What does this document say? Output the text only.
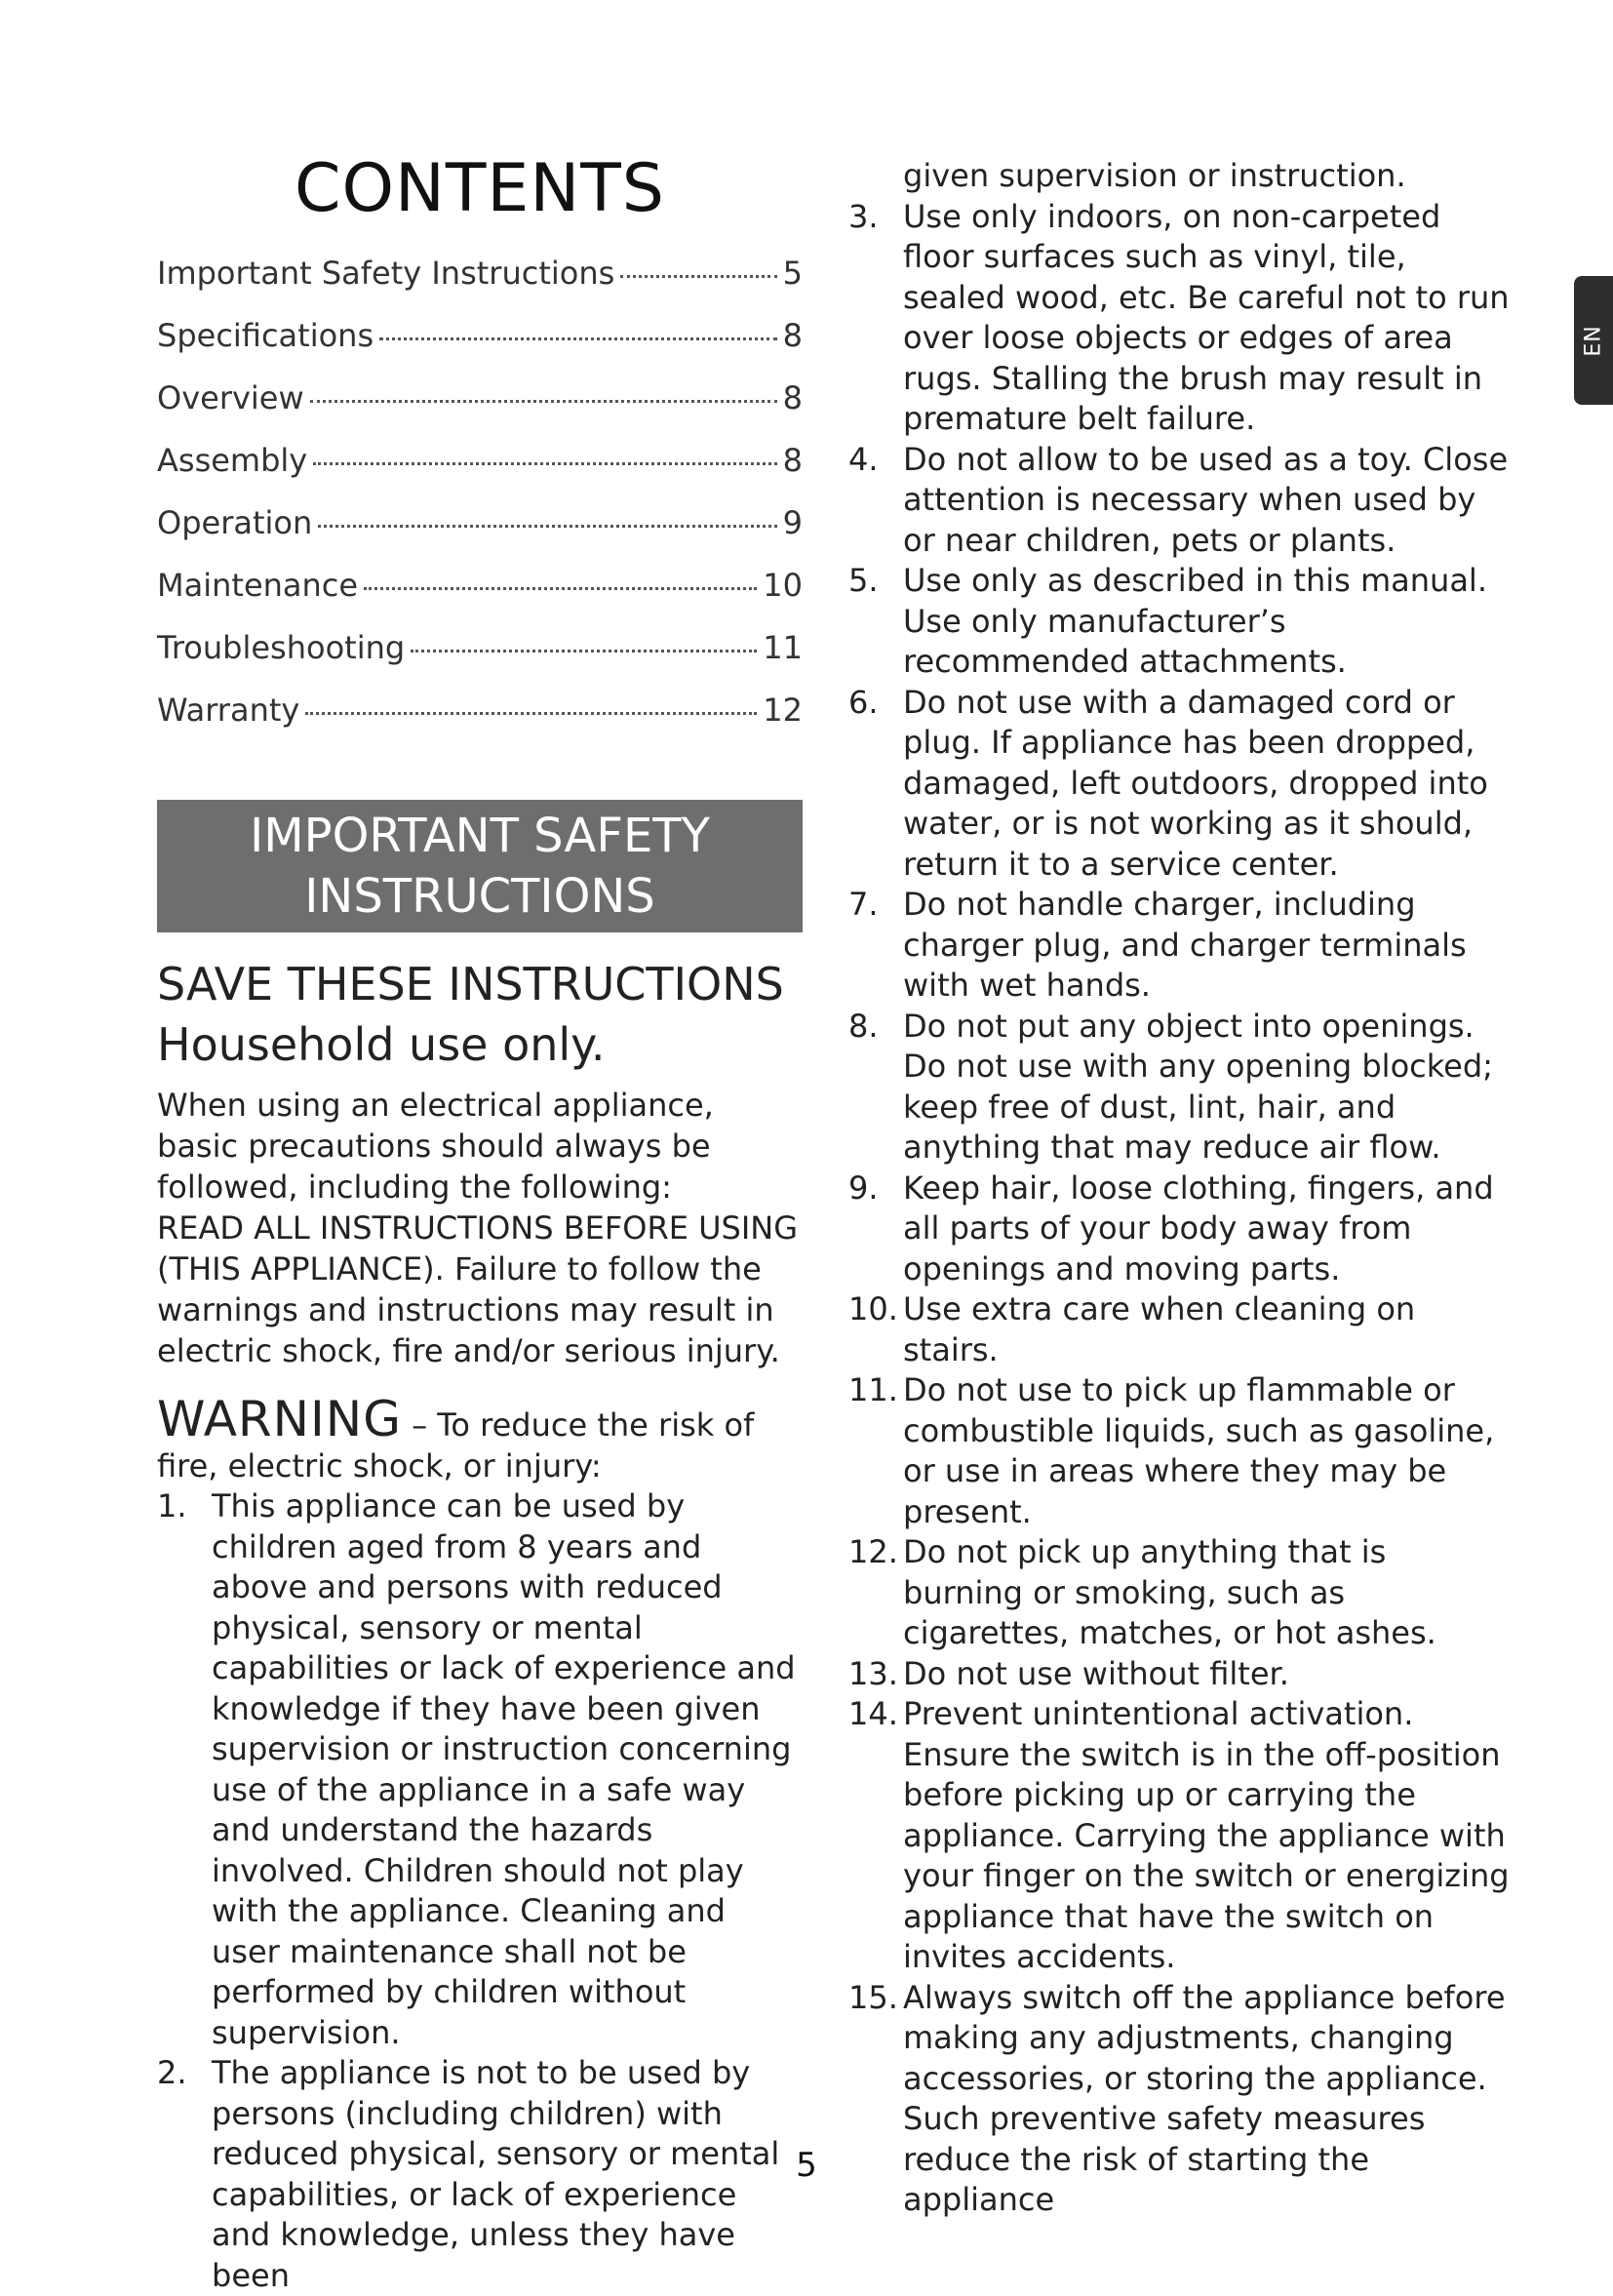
CONTENTS
Important Safety Instructions	5
Specifications	8
Overview	8
Assembly	8
Operation	9
Maintenance	10
Troubleshooting	11
Warranty	12
IMPORTANT SAFETY
INSTRUCTIONS
SAVE THESE INSTRUCTIONS
Household use only.

When using an electrical appliance, basic precautions should always be followed, including the following:

READ ALL INSTRUCTIONS BEFORE USING (THIS APPLIANCE). Failure to follow the warnings and instructions may result in electric shock, fire and/or serious injury.

WARNING – To reduce the risk of fire, electric shock, or injury:
1. This appliance can be used by children aged from 8 years and above and persons with reduced physical, sensory or mental capabilities or lack of experience and knowledge if they have been given supervision or instruction concerning use of the appliance in a safe way and understand the hazards involved. Children should not play with the appliance. Cleaning and user maintenance shall not be performed by children without supervision.
2. The appliance is not to be used by persons (including children) with reduced physical, sensory or mental capabilities, or lack of experience and knowledge, unless they have been

given supervision or instruction.

3. Use only indoors, on non-carpeted floor surfaces such as vinyl, tile, sealed wood, etc. Be careful not to run over loose objects or edges of area rugs. Stalling the brush may result in premature belt failure.
4. Do not allow to be used as a toy. Close attention is necessary when used by or near children, pets or plants.
5. Use only as described in this manual. Use only manufacturer’s recommended attachments.
6. Do not use with a damaged cord or plug. If appliance has been dropped, damaged, left outdoors, dropped into water, or is not working as it should, return it to a service center.
7. Do not handle charger, including charger plug, and charger terminals with wet hands.
8. Do not put any object into openings. Do not use with any opening blocked; keep free of dust, lint, hair, and anything that may reduce air flow.
9. Keep hair, loose clothing, fingers, and all parts of your body away from openings and moving parts.
10. Use extra care when cleaning on stairs.
11. Do not use to pick up flammable or combustible liquids, such as gasoline, or use in areas where they may be present.
12. Do not pick up anything that is burning or smoking, such as cigarettes, matches, or hot ashes.
13. Do not use without filter.
14. Prevent unintentional activation. Ensure the switch is in the off-position before picking up or carrying the appliance. Carrying the appliance with your finger on the switch or energizing appliance that have the switch on invites accidents.
15. Always switch off the appliance before making any adjustments, changing accessories, or storing the appliance. Such preventive safety measures reduce the risk of starting the appliance
EN
5
